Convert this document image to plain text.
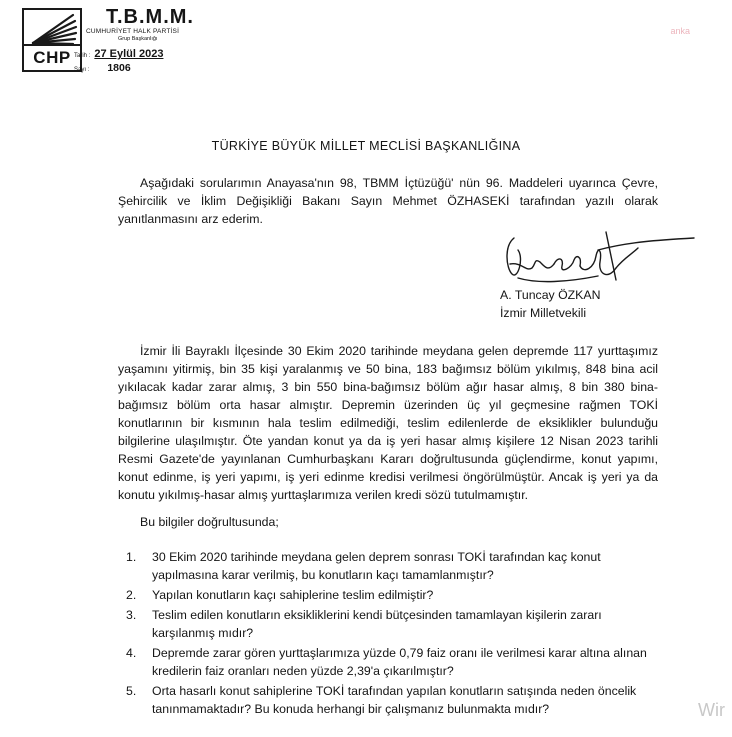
CHP
T.B.M.M.
CUMHURİYET HALK PARTİSİ
Grup Başkanlığı
Tarih : 27 Eylül 2023
Sayı : 1806
anka
TÜRKİYE BÜYÜK MİLLET MECLİSİ BAŞKANLIĞINA
Aşağıdaki sorularımın Anayasa'nın 98, TBMM İçtüzüğü' nün 96. Maddeleri uyarınca Çevre, Şehircilik ve İklim Değişikliği Bakanı Sayın Mehmet ÖZHASEKİ tarafından yazılı olarak yanıtlanmasını arz ederim.
A. Tuncay ÖZKAN
İzmir Milletvekili
İzmir İli Bayraklı İlçesinde 30 Ekim 2020 tarihinde meydana gelen depremde 117 yurttaşımız yaşamını yitirmiş, bin 35 kişi yaralanmış ve 50 bina, 183 bağımsız bölüm yıkılmış, 848 bina acil yıkılacak kadar zarar almış, 3 bin 550 bina-bağımsız bölüm ağır hasar almış, 8 bin 380 bina-bağımsız bölüm orta hasar almıştır. Depremin üzerinden üç yıl geçmesine rağmen TOKİ konutlarının bir kısmının hala teslim edilmediği, teslim edilenlerde de eksiklikler bulunduğu bilgilerine ulaşılmıştır. Öte yandan konut ya da iş yeri hasar almış kişilere 12 Nisan 2023 tarihli Resmi Gazete'de yayınlanan Cumhurbaşkanı Kararı doğrultusunda güçlendirme, konut yapımı, konut edinme, iş yeri yapımı, iş yeri edinme kredisi verilmesi öngörülmüştür. Ancak iş yeri ya da konutu yıkılmış-hasar almış yurttaşlarımıza verilen kredi sözü tutulmamıştır.
Bu bilgiler doğrultusunda;
1. 30 Ekim 2020 tarihinde meydana gelen deprem sonrası TOKİ tarafından kaç konut yapılmasına karar verilmiş, bu konutların kaçı tamamlanmıştır?
2. Yapılan konutların kaçı sahiplerine teslim edilmiştir?
3. Teslim edilen konutların eksikliklerini kendi bütçesinden tamamlayan kişilerin zararı karşılanmış mıdır?
4. Depremde zarar gören yurttaşlarımıza yüzde 0,79 faiz oranı ile verilmesi karar altına alınan kredilerin faiz oranları neden yüzde 2,39'a çıkarılmıştır?
5. Orta hasarlı konut sahiplerine TOKİ tarafından yapılan konutların satışında neden öncelik tanınmamaktadır? Bu konuda herhangi bir çalışmanız bulunmakta mıdır?	Wir
